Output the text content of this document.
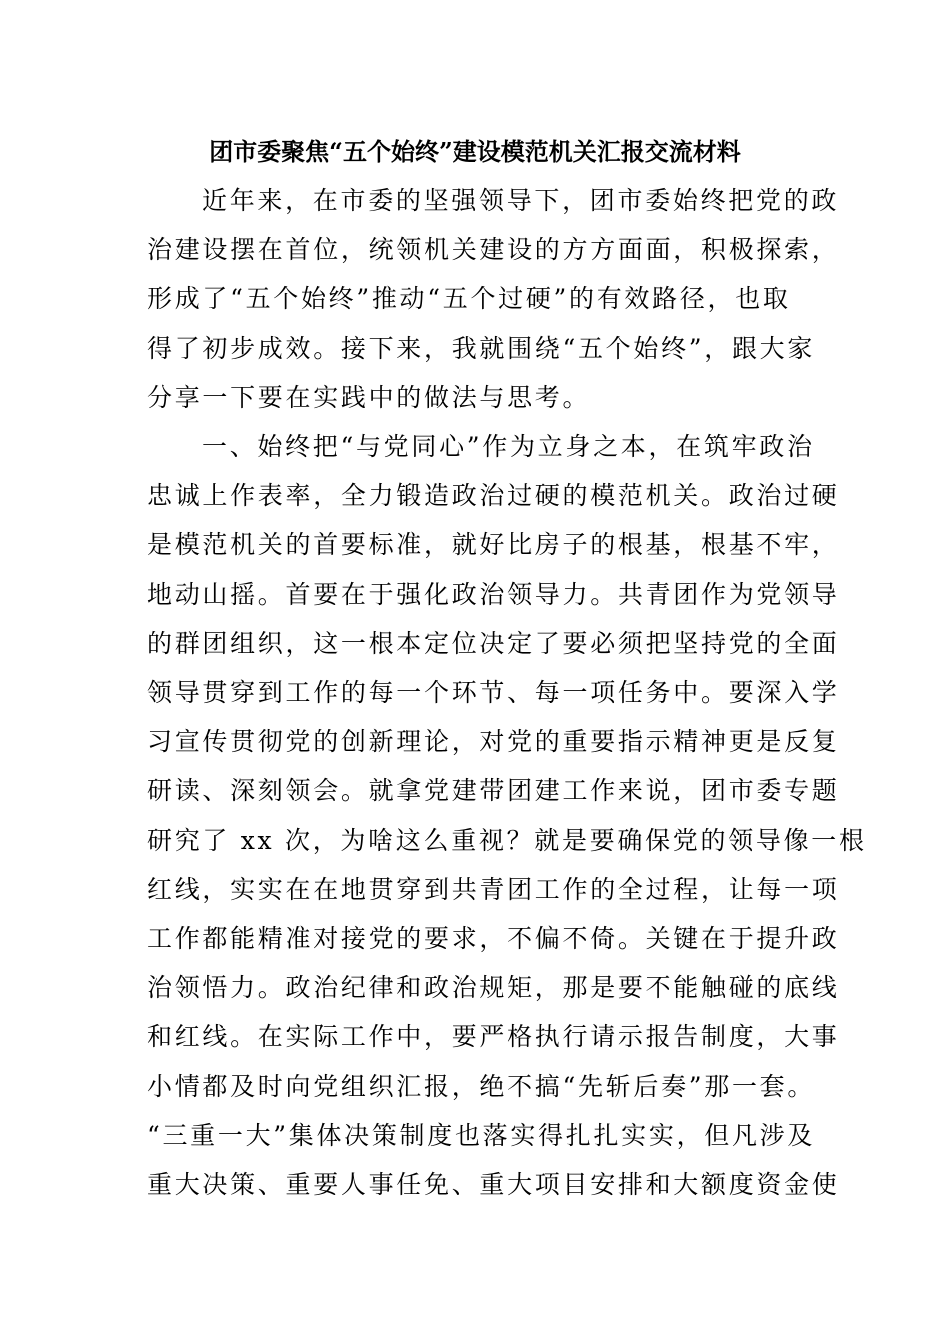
团市委聚焦“五个始终”建设模范机关汇报交流材料
近年来，在市委的坚强领导下，团市委始终把党的政
治建设摆在首位，统领机关建设的方方面面，积极探索，
形成了“五个始终”推动“五个过硬”的有效路径，也取
得了初步成效。接下来，我就围绕“五个始终”，跟大家
分享一下要在实践中的做法与思考。
一、始终把“与党同心”作为立身之本，在筑牢政治
忠诚上作表率，全力锻造政治过硬的模范机关。政治过硬
是模范机关的首要标准，就好比房子的根基，根基不牢，
地动山摇。首要在于强化政治领导力。共青团作为党领导
的群团组织，这一根本定位决定了要必须把坚持党的全面
领导贯穿到工作的每一个环节、每一项任务中。要深入学
习宣传贯彻党的创新理论，对党的重要指示精神更是反复
研读、深刻领会。就拿党建带团建工作来说，团市委专题
研究了 xx 次，为啥这么重视？就是要确保党的领导像一根
红线，实实在在地贯穿到共青团工作的全过程，让每一项
工作都能精准对接党的要求，不偏不倚。关键在于提升政
治领悟力。政治纪律和政治规矩，那是要不能触碰的底线
和红线。在实际工作中，要严格执行请示报告制度，大事
小情都及时向党组织汇报，绝不搞“先斩后奏”那一套。
“三重一大”集体决策制度也落实得扎扎实实，但凡涉及
重大决策、重要人事任免、重大项目安排和大额度资金使
